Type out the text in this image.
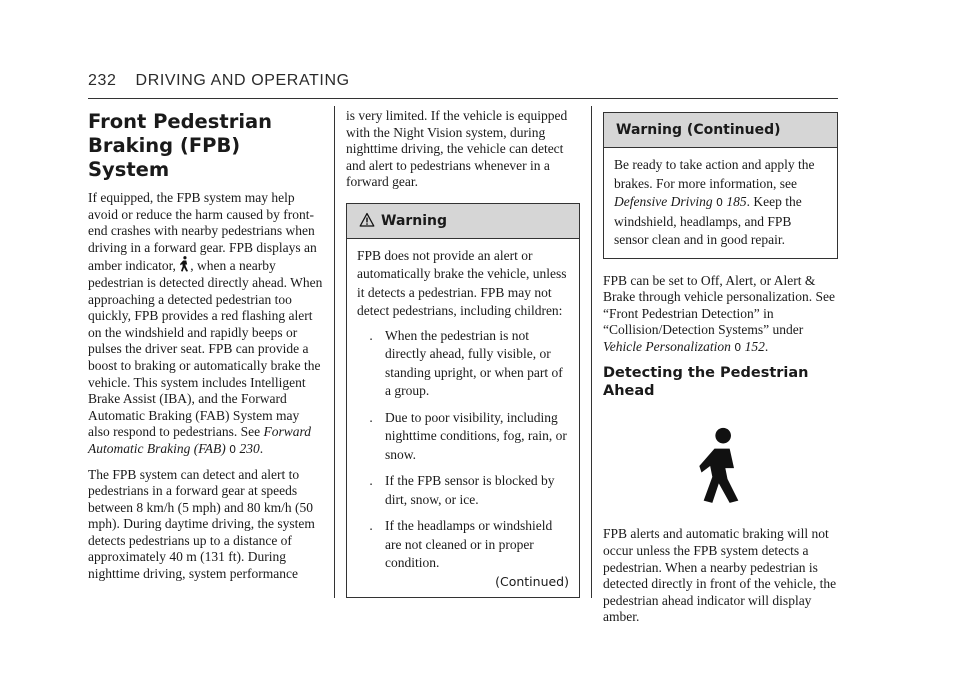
232 DRIVING AND OPERATING
Front Pedestrian Braking (FPB) System

If equipped, the FPB system may help avoid or reduce the harm caused by front-end crashes with nearby pedestrians when driving in a forward gear. FPB displays an amber indicator, , when a nearby pedestrian is detected directly ahead. When approaching a detected pedestrian too quickly, FPB provides a red flashing alert on the windshield and rapidly beeps or pulses the driver seat. FPB can provide a boost to braking or automatically brake the vehicle. This system includes Intelligent Brake Assist (IBA), and the Forward Automatic Braking (FAB) System may also respond to pedestrians. See Forward Automatic Braking (FAB) 0 230.

The FPB system can detect and alert to pedestrians in a forward gear at speeds between 8 km/h (5 mph) and 80 km/h (50 mph). During daytime driving, the system detects pedestrians up to a distance of approximately 40 m (131 ft). During nighttime driving, system performance

is very limited. If the vehicle is equipped with the Night Vision system, during nighttime driving, the vehicle can detect and alert to pedestrians whenever in a forward gear.

Warning

FPB does not provide an alert or automatically brake the vehicle, unless it detects a pedestrian. FPB may not detect pedestrians, including children:

. When the pedestrian is not directly ahead, fully visible, or standing upright, or when part of a group.
. Due to poor visibility, including nighttime conditions, fog, rain, or snow.
. If the FPB sensor is blocked by dirt, snow, or ice.
. If the headlamps or windshield are not cleaned or in proper condition.
(Continued)
Warning (Continued)
Be ready to take action and apply the brakes. For more information, see Defensive Driving 0 185. Keep the windshield, headlamps, and FPB sensor clean and in good repair.

FPB can be set to Off, Alert, or Alert & Brake through vehicle personalization. See “Front Pedestrian Detection” in “Collision/Detection Systems” under Vehicle Personalization 0 152.

Detecting the Pedestrian Ahead

FPB alerts and automatic braking will not occur unless the FPB system detects a pedestrian. When a nearby pedestrian is detected directly in front of the vehicle, the pedestrian ahead indicator will display amber.
